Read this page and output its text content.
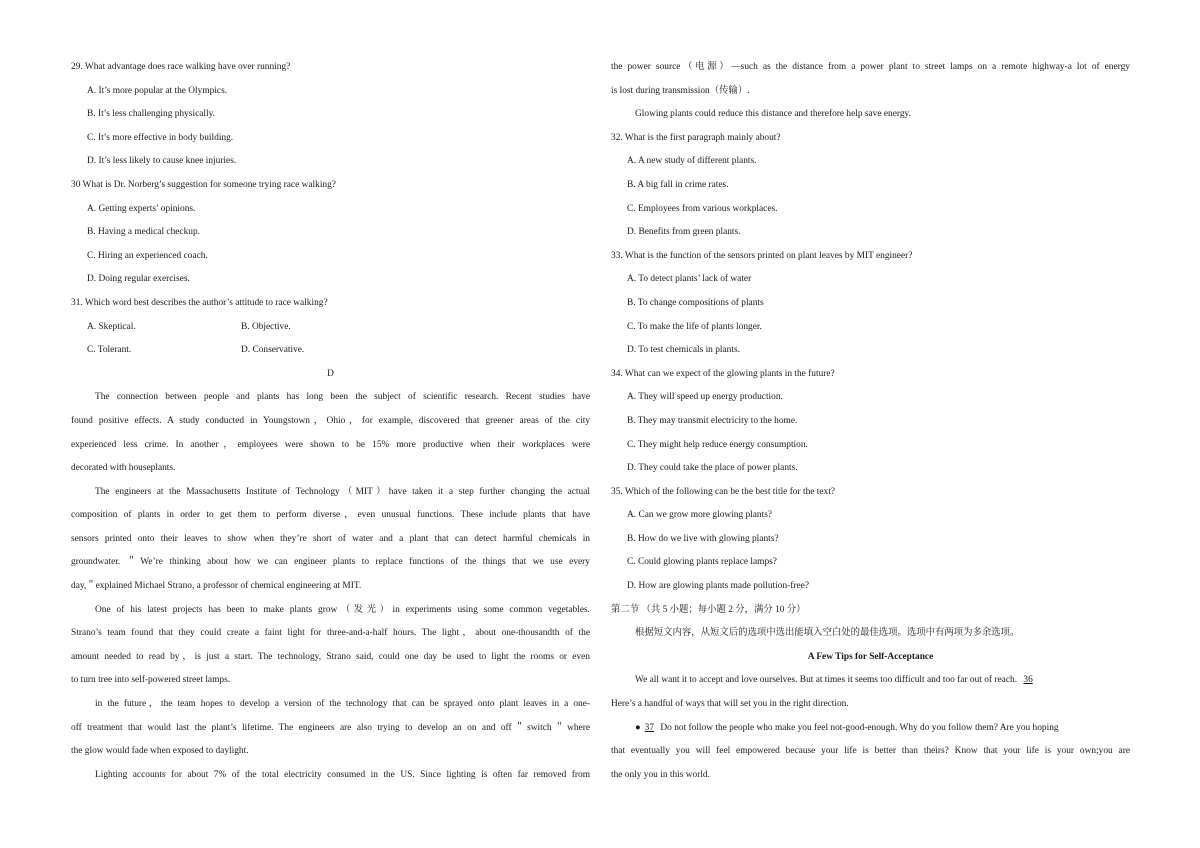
29. What advantage does race walking have over running?
A. It’s more popular at the Olympics.
B. It’s less challenging physically.
C. It’s more effective in body building.
D. It’s less likely to cause knee injuries.
30 What is Dr. Norberg’s suggestion for someone trying race walking?
A. Getting experts’ opinions.
B. Having a medical checkup.
C. Hiring an experienced coach.
D. Doing regular exercises.
31. Which word best describes the author’s attitude to race walking?
A. Skeptical.	B. Objective.
C. Tolerant.	D. Conservative.
D
The connection between people and plants has long been the subject of scientific research. Recent studies have
found positive effects. A study conducted in Youngstown，Ohio，for example, discovered that greener areas of the city
experienced less crime. In another，employees were shown to be 15% more productive when their workplaces were
decorated with houseplants.
The engineers at the Massachusetts Institute of Technology（MIT）have taken it a step further changing the actual
composition of plants in order to get them to perform diverse，even unusual functions. These include plants that have
sensors printed onto their leaves to show when they’re short of water and a plant that can detect harmful chemicals in
groundwater. ＂We’re thinking about how we can engineer plants to replace functions of the things that we use every
day,＂explained Michael Strano, a professor of chemical engineering at MIT.
One of his latest projects has been to make plants grow（发光）in experiments using some common vegetables.
Strano’s team found that they could create a faint light for three-and-a-half hours. The light，about one-thousandth of the
amount needed to read by，is just a start. The technology, Strano said, could one day be used to light the rooms or even
to turn tree into self-powered street lamps.
in the future，the team hopes to develop a version of the technology that can be sprayed onto plant leaves in a one-
off treatment that would last the plant’s lifetime. The engineers are also trying to develop an on and off＂switch＂where
the glow would fade when exposed to daylight.
Lighting accounts for about 7% of the total electricity consumed in the US. Since lighting is often far removed from
the power source（电源）—such as the distance from a power plant to street lamps on a remote highway-a lot of energy
is lost during transmission（传输）.
Glowing plants could reduce this distance and therefore help save energy.
32. What is the first paragraph mainly about?
A. A new study of different plants.
B. A big fall in crime rates.
C. Employees from various workplaces.
D. Benefits from green plants.
33. What is the function of the sensors printed on plant leaves by MIT engineer?
A. To detect plants’ lack of water
B. To change compositions of plants
C. To make the life of plants longer.
D. To test chemicals in plants.
34. What can we expect of the glowing plants in the future?
A. They will speed up energy production.
B. They may transmit electricity to the home.
C. They might help reduce energy consumption.
D. They could take the place of power plants.
35. Which of the following can be the best title for the text?
A. Can we grow more glowing plants?
B. How do we live with glowing plants?
C. Could glowing plants replace lamps?
D. How are glowing plants made pollution-free?
第二节 （共 5 小题；每小题 2 分，满分 10 分）
根据短文内容，从短文后的选项中选出能填入空白处的最佳选项。选项中有两项为多余选项。
A Few Tips for Self-Acceptance
We all want it to accept and love ourselves. But at times it seems too difficult and too far out of reach. 36
Here’s a handful of ways that will set you in the right direction.
● 37 Do not follow the people who make you feel not-good-enough. Why do you follow them? Are you hoping
that eventually you will feel empowered because your life is better than theirs? Know that your life is your own;you are
the only you in this world.
